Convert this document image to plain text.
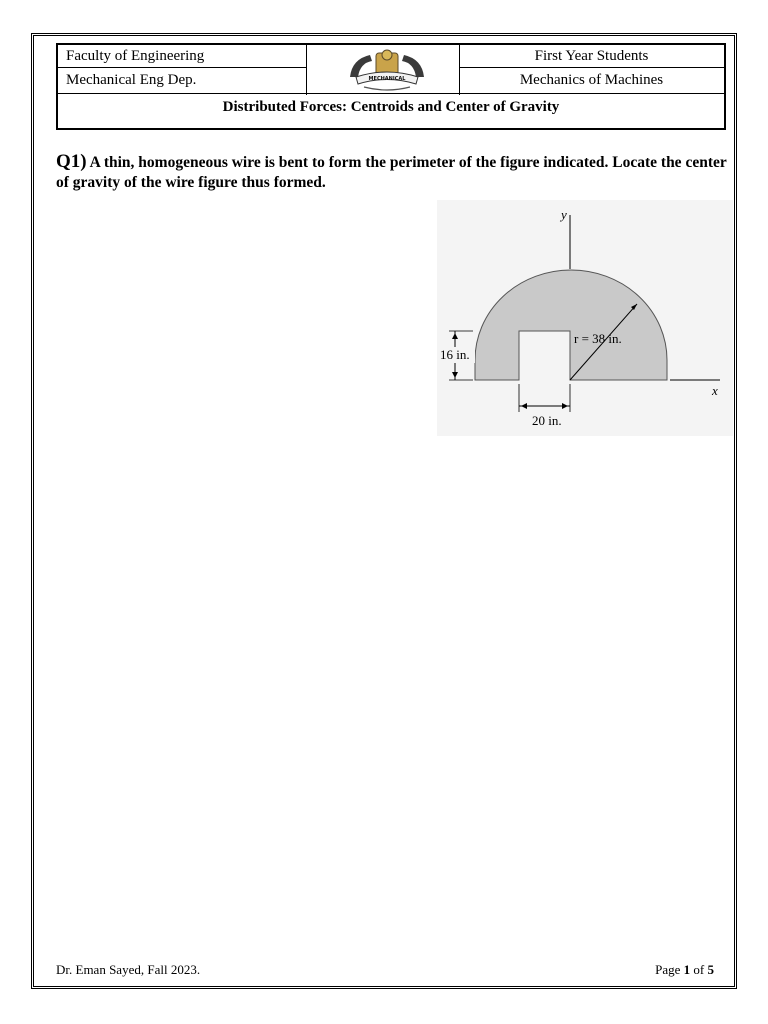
Faculty of Engineering
Mechanical Eng Dep.
First Year Students
Mechanics of Machines
MECHANICAL
Distributed Forces: Centroids and Center of Gravity
Q1) A thin, homogeneous wire is bent to form the perimeter of the figure indicated. Locate the center of gravity of the wire figure thus formed.
y
x
r = 38 in.
16 in.
20 in.
Dr. Eman Sayed, Fall 2023.	Page 1 of 5
